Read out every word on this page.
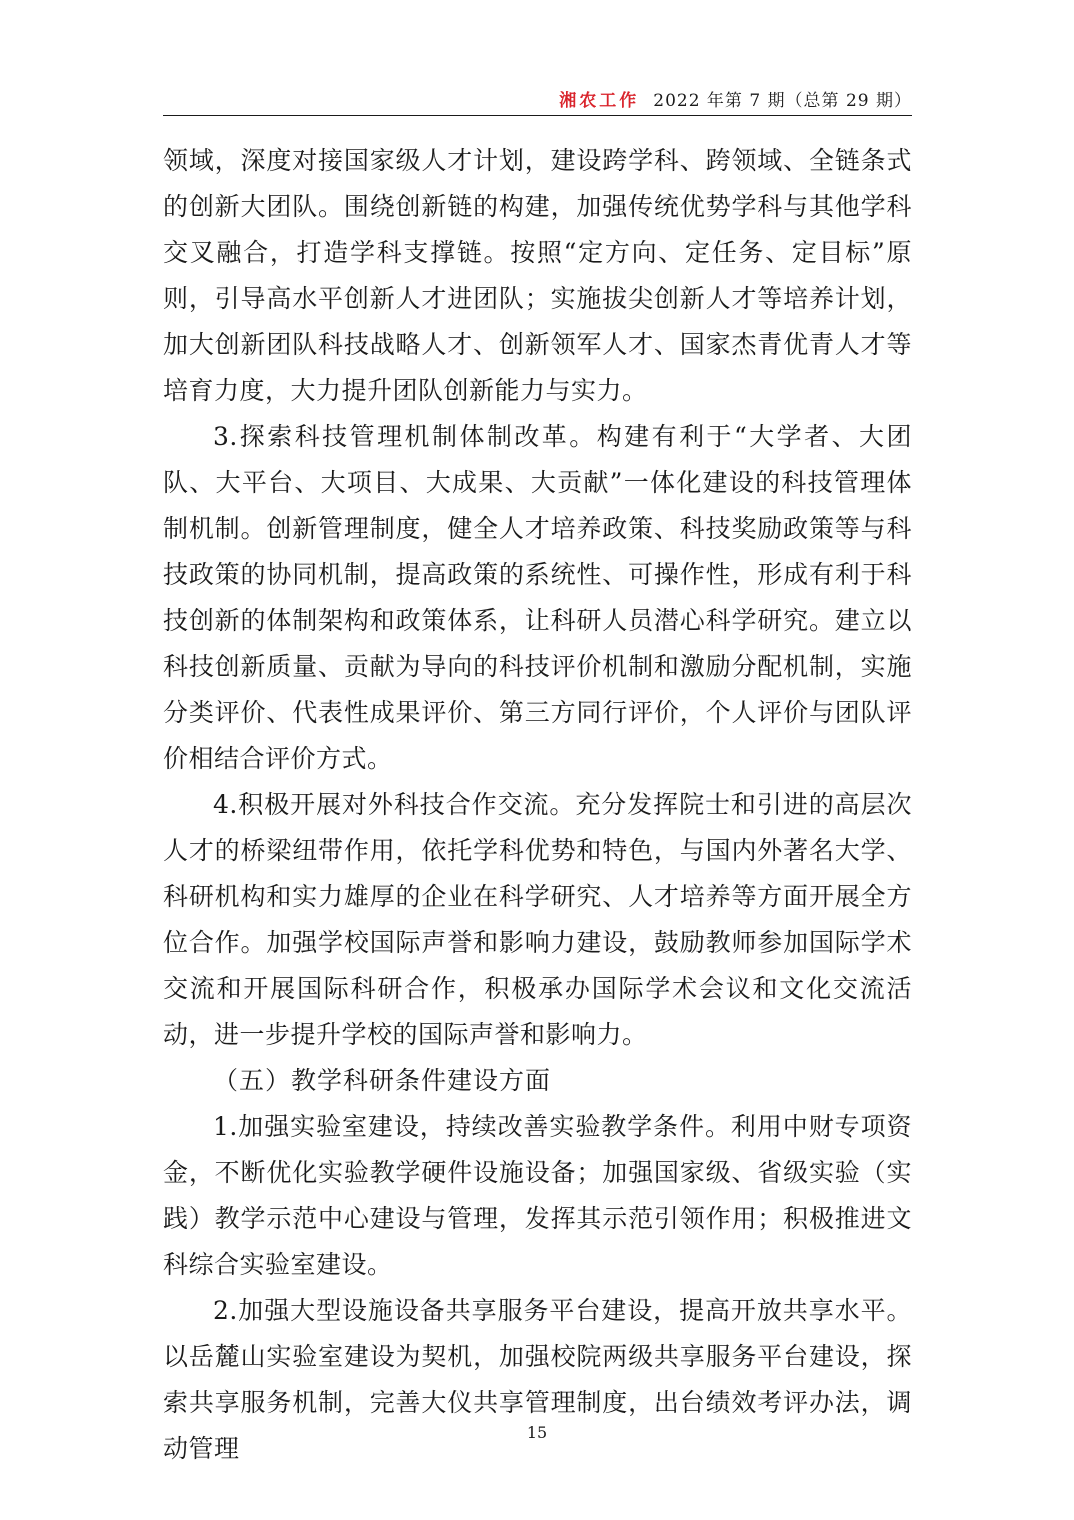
湘农工作 2022 年第 7 期（总第 29 期）

领域，深度对接国家级人才计划，建设跨学科、跨领域、全链条式的创新大团队。围绕创新链的构建，加强传统优势学科与其他学科交叉融合，打造学科支撑链。按照“定方向、定任务、定目标”原则，引导高水平创新人才进团队；实施拔尖创新人才等培养计划，加大创新团队科技战略人才、创新领军人才、国家杰青优青人才等培育力度，大力提升团队创新能力与实力。

3.探索科技管理机制体制改革。构建有利于“大学者、大团队、大平台、大项目、大成果、大贡献”一体化建设的科技管理体制机制。创新管理制度，健全人才培养政策、科技奖励政策等与科技政策的协同机制，提高政策的系统性、可操作性，形成有利于科技创新的体制架构和政策体系，让科研人员潜心科学研究。建立以科技创新质量、贡献为导向的科技评价机制和激励分配机制，实施分类评价、代表性成果评价、第三方同行评价，个人评价与团队评价相结合评价方式。

4.积极开展对外科技合作交流。充分发挥院士和引进的高层次人才的桥梁纽带作用，依托学科优势和特色，与国内外著名大学、科研机构和实力雄厚的企业在科学研究、人才培养等方面开展全方位合作。加强学校国际声誉和影响力建设，鼓励教师参加国际学术交流和开展国际科研合作，积极承办国际学术会议和文化交流活动，进一步提升学校的国际声誉和影响力。

（五）教学科研条件建设方面

1.加强实验室建设，持续改善实验教学条件。利用中财专项资金，不断优化实验教学硬件设施设备；加强国家级、省级实验（实践）教学示范中心建设与管理，发挥其示范引领作用；积极推进文科综合实验室建设。

2.加强大型设施设备共享服务平台建设，提高开放共享水平。以岳麓山实验室建设为契机，加强校院两级共享服务平台建设，探索共享服务机制，完善大仪共享管理制度，出台绩效考评办法，调动管理

15
